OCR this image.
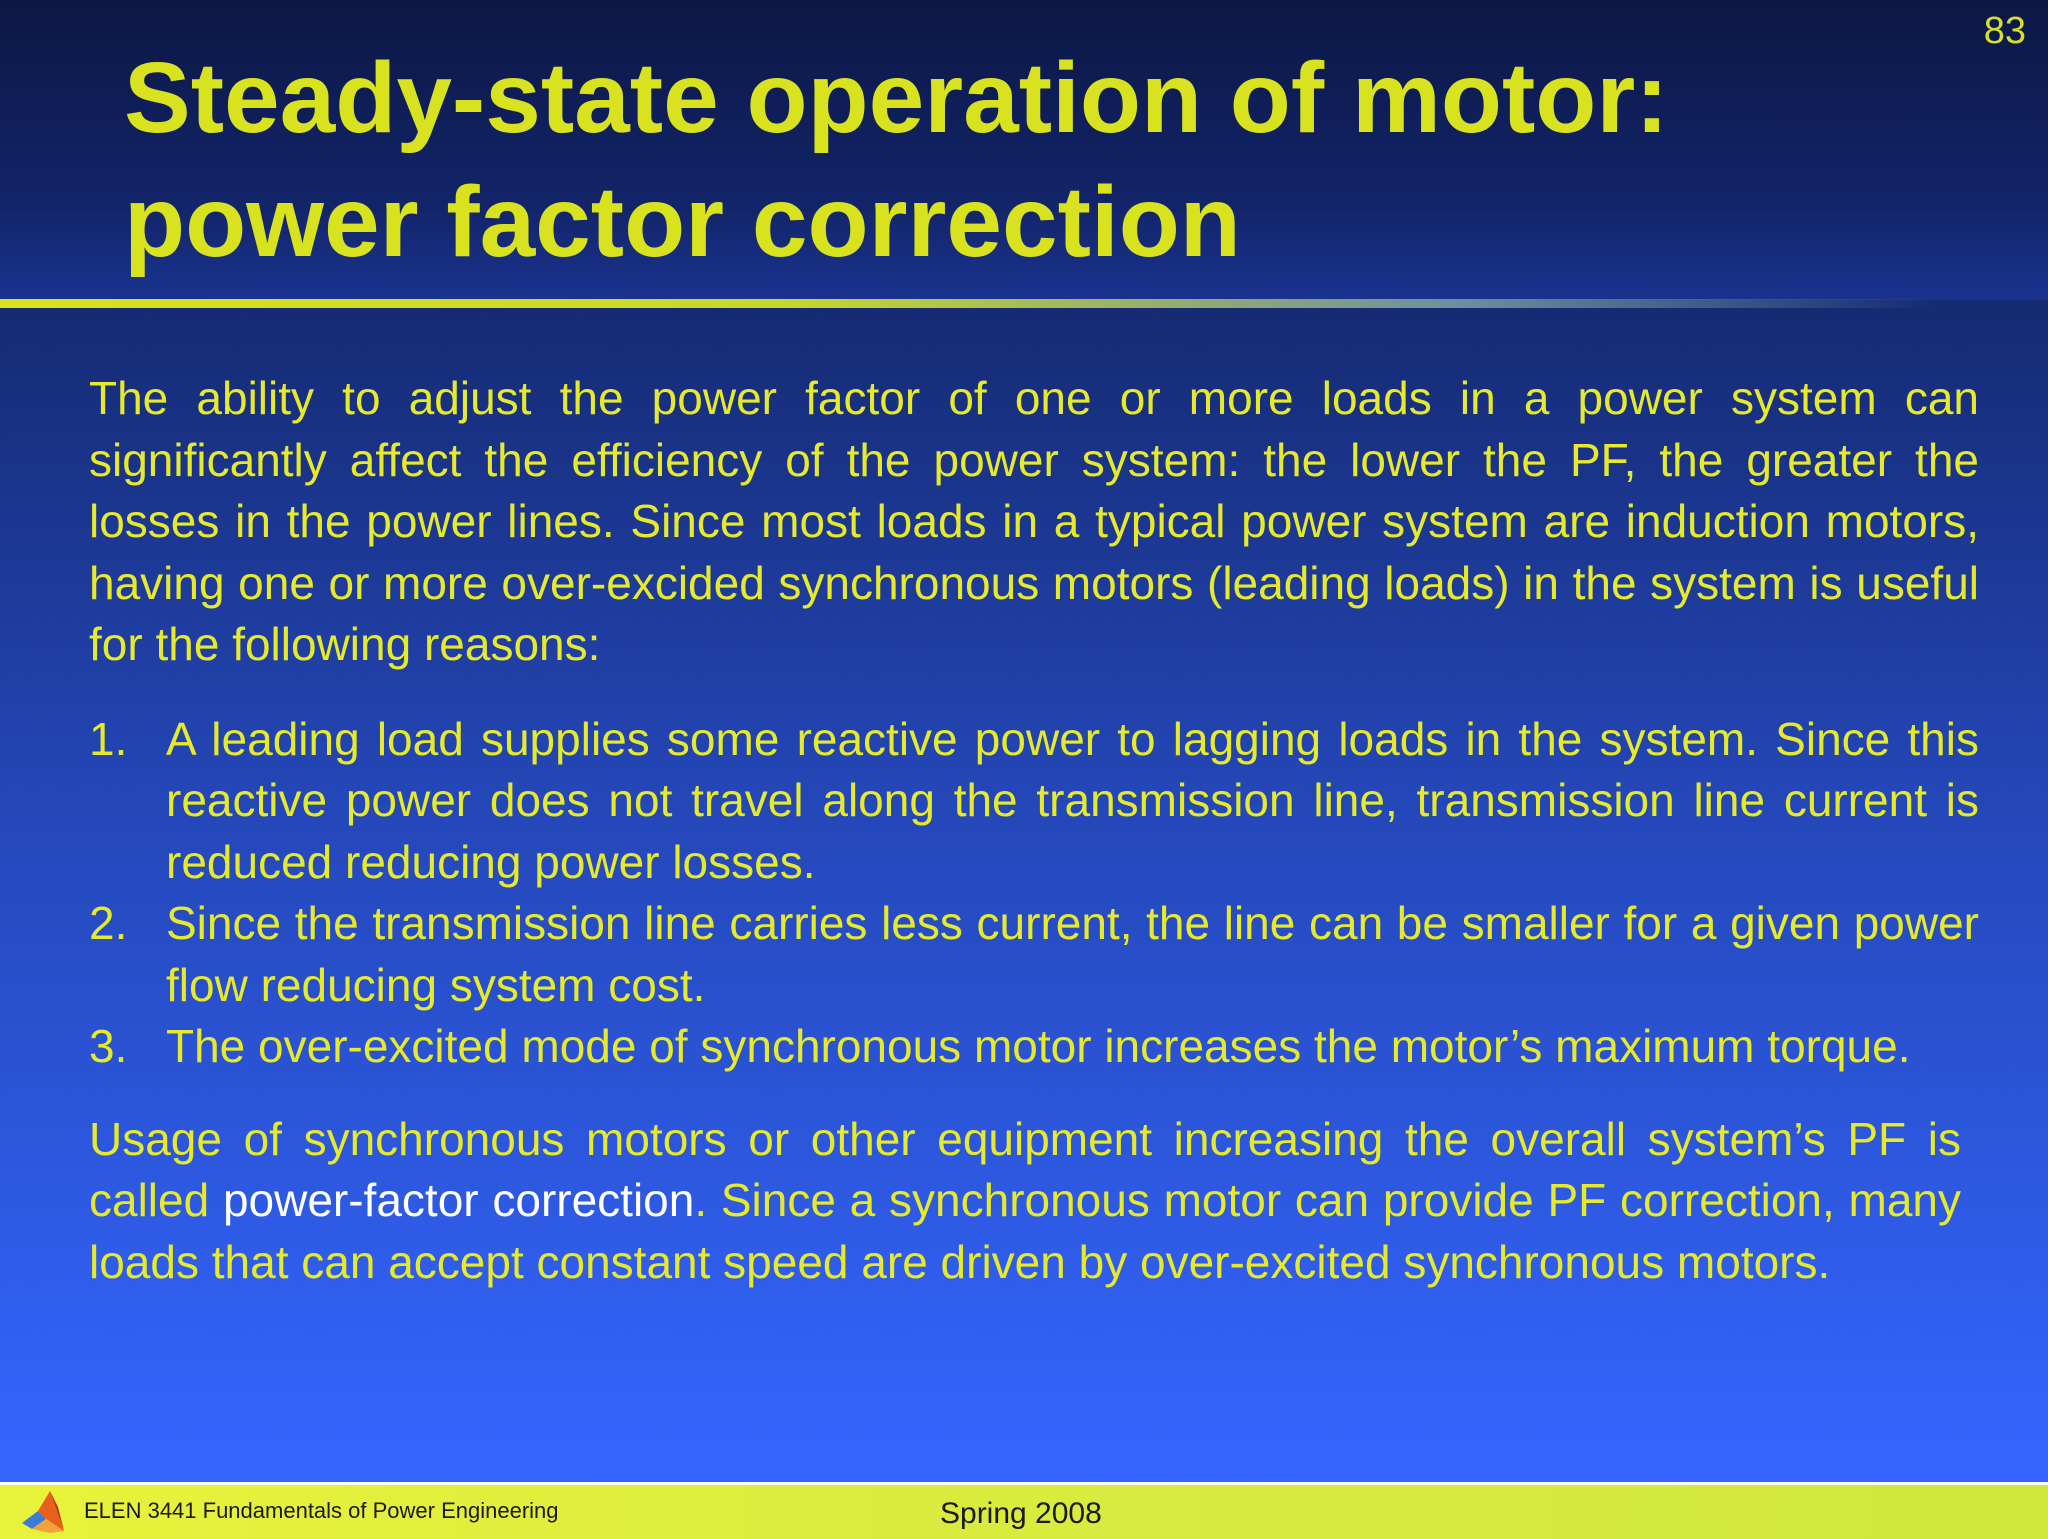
83
Steady-state operation of motor:
power factor correction

The ability to adjust the power factor of one or more loads in a power system can significantly affect the efficiency of the power system: the lower the PF, the greater the losses in the power lines. Since most loads in a typical power system are induction motors, having one or more over-excided synchronous motors (leading loads) in the system is useful for the following reasons:

1. A leading load supplies some reactive power to lagging loads in the system. Since this reactive power does not travel along the transmission line, transmission line current is reduced reducing power losses.
2. Since the transmission line carries less current, the line can be smaller for a given power flow reducing system cost.
3. The over-excited mode of synchronous motor increases the motor’s maximum torque.

Usage of synchronous motors or other equipment increasing the overall system’s PF is called power-factor correction. Since a synchronous motor can provide PF correction, many loads that can accept constant speed are driven by over-excited synchronous motors.

ELEN 3441 Fundamentals of Power Engineering	Spring 2008
